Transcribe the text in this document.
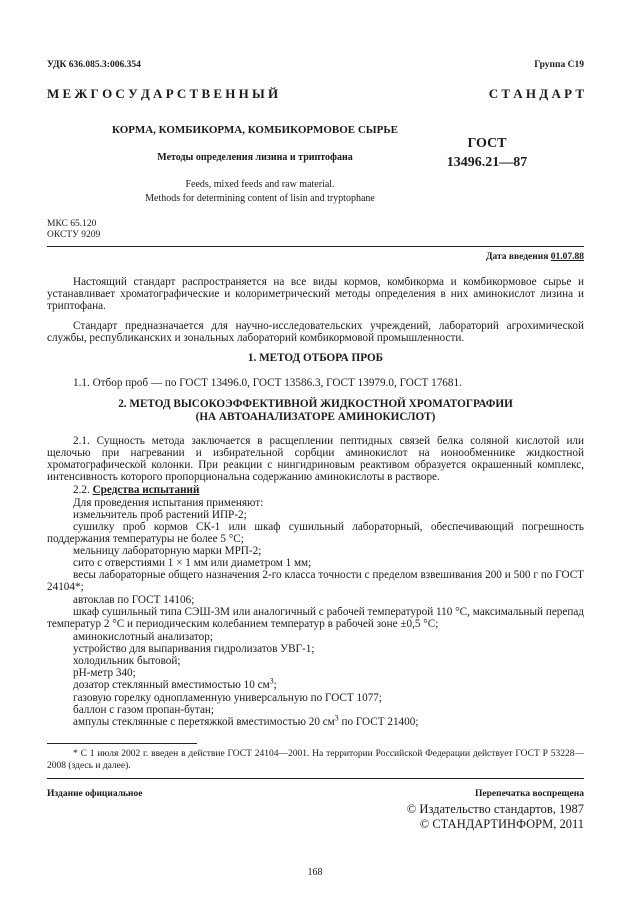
УДК 636.085.3:006.354	Группа С19
М Е Ж Г О С У Д А Р С Т В Е Н Н Ы Й	С Т А Н Д А Р Т
КОРМА, КОМБИКОРМА, КОМБИКОРМОВОЕ СЫРЬЕ
Методы определения лизина и триптофана
ГОСТ
13496.21—87
Feeds, mixed feeds and raw material.
Methods for determining content of lisin and tryptophane
МКС 65.120
ОКСТУ 9209
Дата введения 01.07.88

Настоящий стандарт распространяется на все виды кормов, комбикорма и комбикормовое сырье и устанавливает хроматографические и колориметрический методы определения в них аминокислот лизина и триптофана.

Стандарт предназначается для научно-исследовательских учреждений, лабораторий агрохимической службы, республиканских и зональных лабораторий комбикормовой промышленности.

1. МЕТОД ОТБОРА ПРОБ

1.1. Отбор проб — по ГОСТ 13496.0, ГОСТ 13586.3, ГОСТ 13979.0, ГОСТ 17681.

2. МЕТОД ВЫСОКОЭФФЕКТИВНОЙ ЖИДКОСТНОЙ ХРОМАТОГРАФИИ
(НА АВТОАНАЛИЗАТОРЕ АМИНОКИСЛОТ)

2.1. Сущность метода заключается в расщеплении пептидных связей белка соляной кислотой или щелочью при нагревании и избирательной сорбции аминокислот на ионообменнике жидкостной хроматографической колонки. При реакции с нингидриновым реактивом образуется окрашенный комплекс, интенсивность которого пропорциональна содержанию аминокислоты в растворе.

2.2. Средства испытаний
Для проведения испытания применяют:
измельчитель проб растений ИПР-2;

сушилку проб кормов СК-1 или шкаф сушильный лабораторный, обеспечивающий погрешность поддержания температуры не более 5 °С;

мельницу лабораторную марки МРП-2;
сито с отверстиями 1 × 1 мм или диаметром 1 мм;

весы лабораторные общего назначения 2-го класса точности с пределом взвешивания 200 и 500 г по ГОСТ 24104*;

автоклав по ГОСТ 14106;

шкаф сушильный типа СЭШ-3М или аналогичный с рабочей температурой 110 °С, максимальный перепад температур 2 °С и периодическим колебанием температур в рабочей зоне ±0,5 °С;

аминокислотный анализатор;
устройство для выпаривания гидролизатов УВГ-1;
холодильник бытовой;
рН-метр 340;
дозатор стеклянный вместимостью 10 $см^3$;
газовую горелку однопламенную универсальную по ГОСТ 1077;
баллон с газом пропан-бутан;
ампулы стеклянные с перетяжкой вместимостью 20 $см^3$ по ГОСТ 21400;

* С 1 июля 2002 г. введен в действие ГОСТ 24104—2001. На территории Российской Федерации действует ГОСТ Р 53228—2008 (здесь и далее).

Издание официальное	Перепечатка воспрещена
© Издательство стандартов, 1987
© СТАНДАРТИНФОРМ, 2011
168
